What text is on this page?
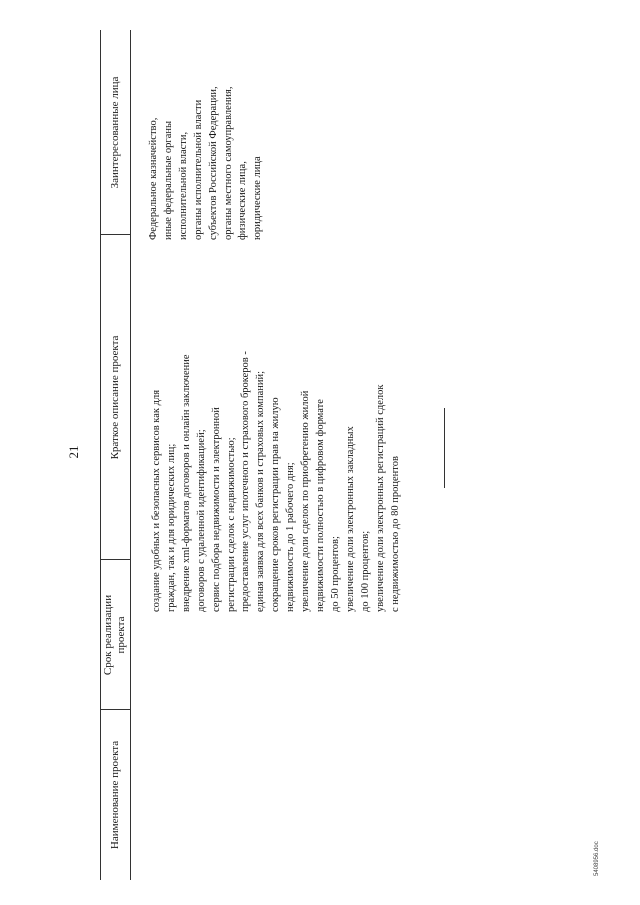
21
Наименование проекта
Срок реализации проекта
Краткое описание проекта
Заинтересованные лица
создание удобных и безопасных сервисов как для граждан, так и для юридических лиц; внедрение xml-форматов договоров и онлайн заключение договоров с удаленной идентификацией; сервис подбора недвижимости и электронной регистрации сделок с недвижимостью; предоставление услуг ипотечного и страхового брокеров - единая заявка для всех банков и страховых компаний; сокращение сроков регистрации прав на жилую недвижимость до 1 рабочего дня; увеличение доли сделок по приобретению жилой недвижимости полностью в цифровом формате до 50 процентов; увеличение доли электронных закладных до 100 процентов; увеличение доли электронных регистраций сделок с недвижимостью до 80 процентов
Федеральное казначейство, иные федеральные органы исполнительной власти, органы исполнительной власти субъектов Российской Федерации, органы местного самоуправления, физические лица, юридические лица
5408956.doc
